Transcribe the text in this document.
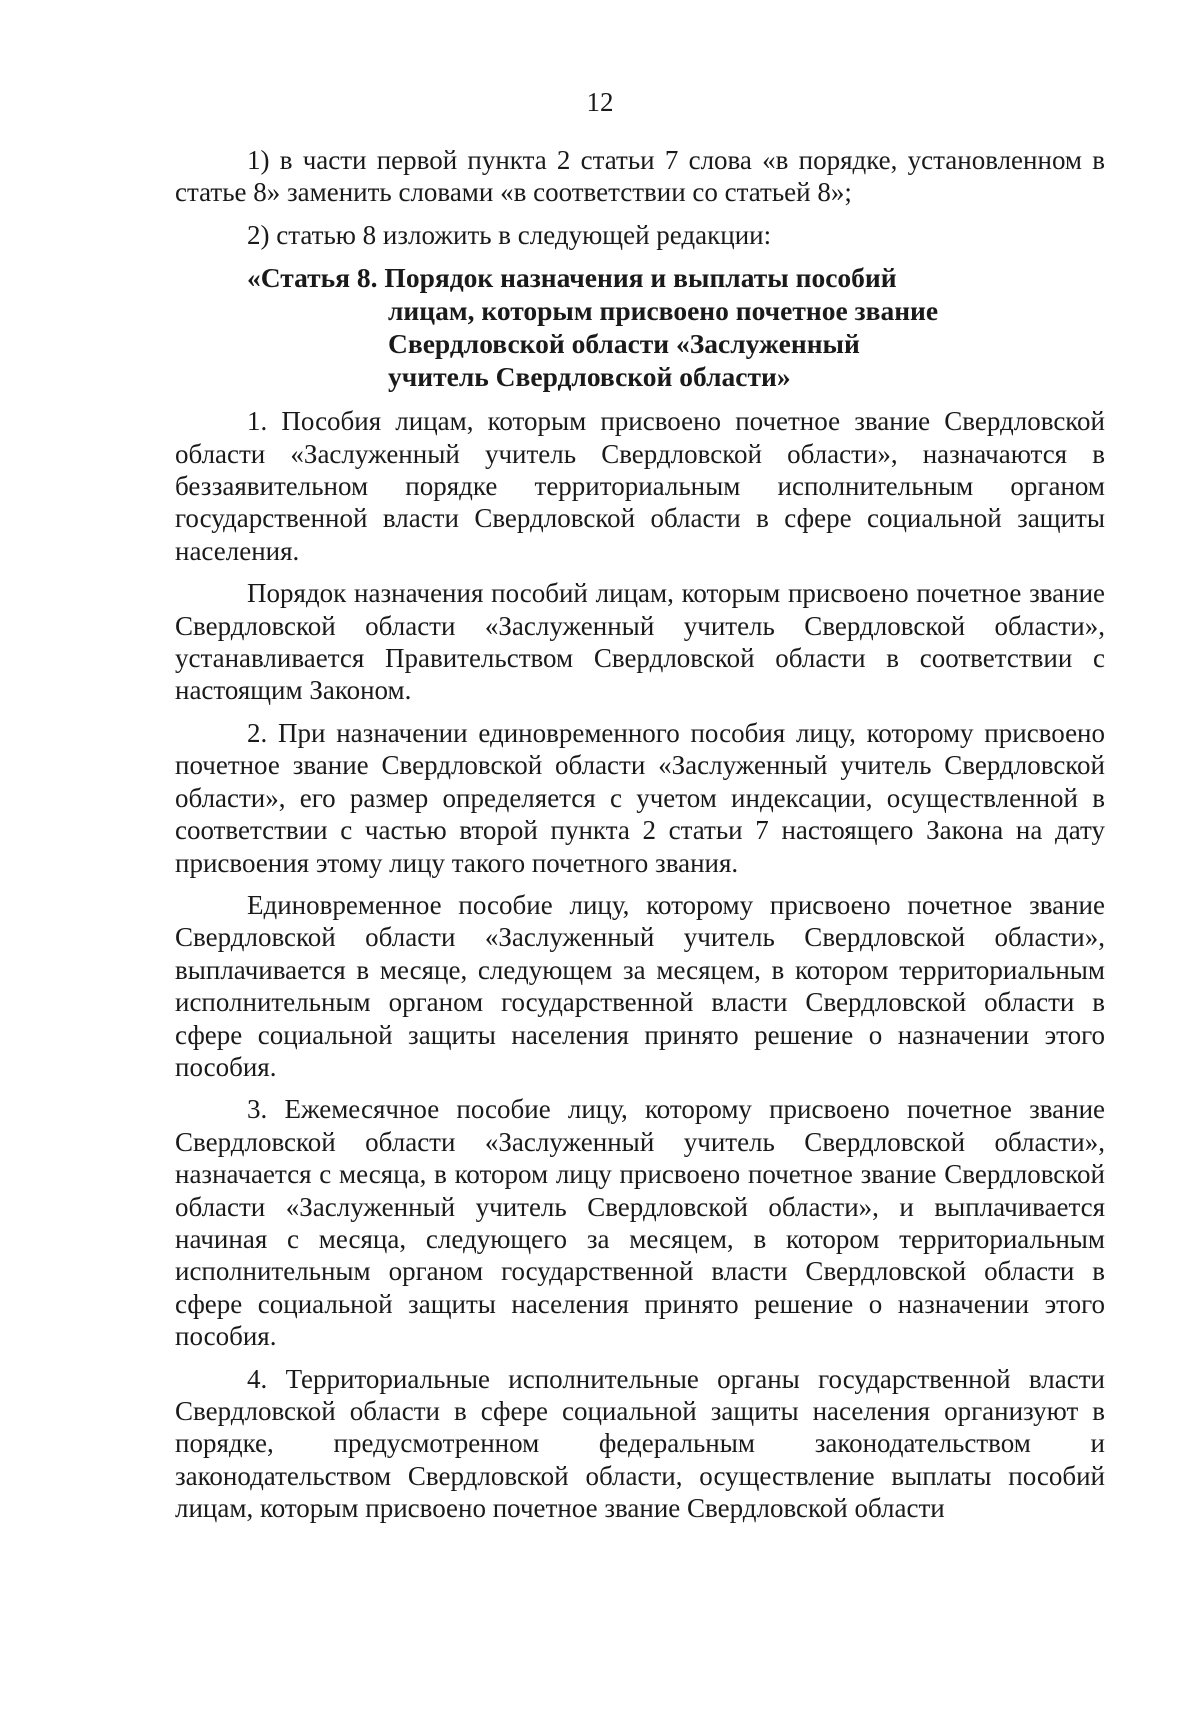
12

1) в части первой пункта 2 статьи 7 слова «в порядке, установленном в статье 8» заменить словами «в соответствии со статьей 8»;

2) статью 8 изложить в следующей редакции:

«Статья 8. Порядок назначения и выплаты пособий
лицам, которым присвоено почетное звание
Свердловской области «Заслуженный
учитель Свердловской области»

1. Пособия лицам, которым присвоено почетное звание Свердловской области «Заслуженный учитель Свердловской области», назначаются в беззаявительном порядке территориальным исполнительным органом государственной власти Свердловской области в сфере социальной защиты населения.

Порядок назначения пособий лицам, которым присвоено почетное звание Свердловской области «Заслуженный учитель Свердловской области», устанавливается Правительством Свердловской области в соответствии с настоящим Законом.

2. При назначении единовременного пособия лицу, которому присвоено почетное звание Свердловской области «Заслуженный учитель Свердловской области», его размер определяется с учетом индексации, осуществленной в соответствии с частью второй пункта 2 статьи 7 настоящего Закона на дату присвоения этому лицу такого почетного звания.

Единовременное пособие лицу, которому присвоено почетное звание Свердловской области «Заслуженный учитель Свердловской области», выплачивается в месяце, следующем за месяцем, в котором территориальным исполнительным органом государственной власти Свердловской области в сфере социальной защиты населения принято решение о назначении этого пособия.

3. Ежемесячное пособие лицу, которому присвоено почетное звание Свердловской области «Заслуженный учитель Свердловской области», назначается с месяца, в котором лицу присвоено почетное звание Свердловской области «Заслуженный учитель Свердловской области», и выплачивается начиная с месяца, следующего за месяцем, в котором территориальным исполнительным органом государственной власти Свердловской области в сфере социальной защиты населения принято решение о назначении этого пособия.

4. Территориальные исполнительные органы государственной власти Свердловской области в сфере социальной защиты населения организуют в порядке, предусмотренном федеральным законодательством и законодательством Свердловской области, осуществление выплаты пособий лицам, которым присвоено почетное звание Свердловской области
